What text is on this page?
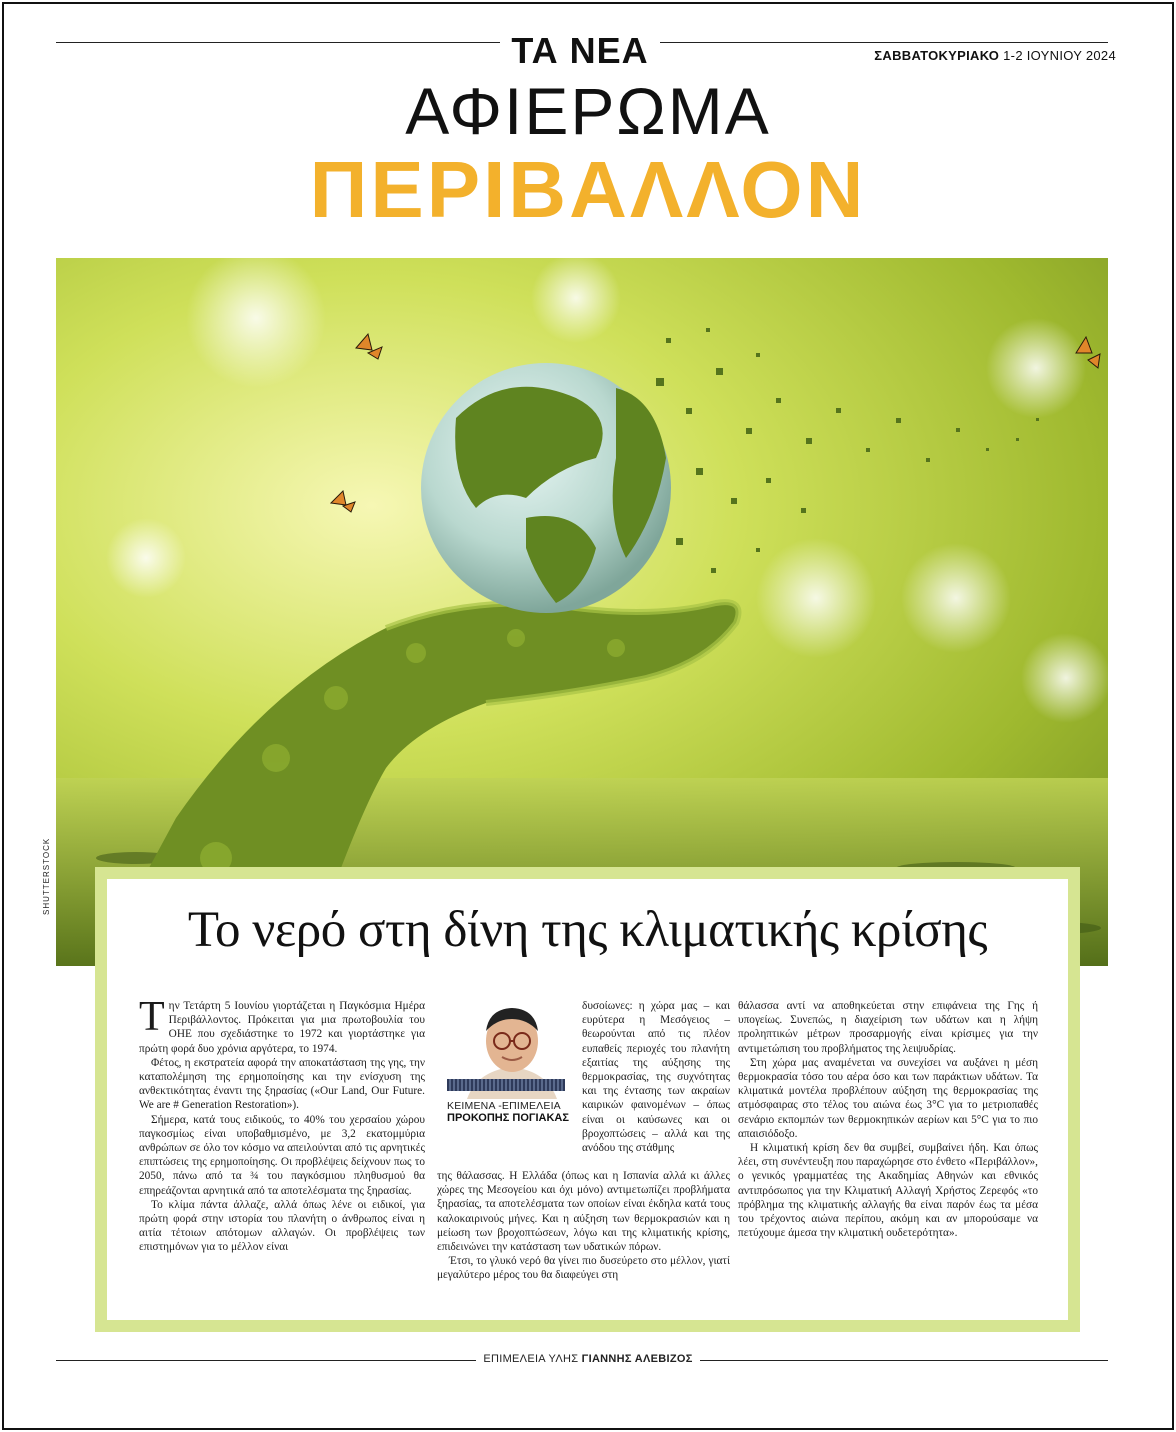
ΤΑ ΝΕΑ	ΣΑΒΒΑΤΟΚΥΡΙΑΚΟ 1-2 ΙΟΥΝΙΟΥ 2024
ΑΦΙΕΡΩΜΑ
ΠΕΡΙΒΑΛΛΟΝ
SHUTTERSTOCK
Το νερό στη δίνη της κλιματικής κρίσης

Την Τετάρτη 5 Ιουνίου γιορτάζεται η Παγκόσμια Ημέρα Περιβάλλοντος. Πρόκειται για μια πρωτοβουλία του ΟΗΕ που σχεδιάστηκε το 1972 και γιορτάστηκε για πρώτη φορά δυο χρόνια αργότερα, το 1974.

Φέτος, η εκστρατεία αφορά την αποκατάσταση της γης, την καταπολέμηση της ερημοποίησης και την ενίσχυση της ανθεκτικότητας έναντι της ξηρασίας («Our Land, Our Future. We are # Generation Restoration»).

Σήμερα, κατά τους ειδικούς, το 40% του χερσαίου χώρου παγκοσμίως είναι υποβαθμισμένο, με 3,2 εκατομμύρια ανθρώπων σε όλο τον κόσμο να απειλούνται από τις αρνητικές επιπτώσεις της ερημοποίησης. Οι προβλέψεις δείχνουν πως το 2050, πάνω από τα ¾ του παγκόσμιου πληθυσμού θα επηρεάζονται αρνητικά από τα αποτελέσματα της ξηρασίας.

Το κλίμα πάντα άλλαζε, αλλά όπως λένε οι ειδικοί, για πρώτη φορά στην ιστορία του πλανήτη ο άνθρωπος είναι η αιτία τέτοιων απότομων αλλαγών. Οι προβλέψεις των επιστημόνων για το μέλλον είναι

ΚΕΙΜΕΝΑ -ΕΠΙΜΕΛΕΙΑ
ΠΡΟΚΟΠΗΣ ΠΟΓΙΑΚΑΣ

δυσοίωνες: η χώρα μας – και ευρύτερα η Μεσόγειος – θεωρούνται από τις πλέον ευπαθείς περιοχές του πλανήτη εξαιτίας της αύξησης της θερμοκρασίας, της συχνότητας και της έντασης των ακραίων καιρικών φαινομένων – όπως είναι οι καύσωνες και οι βροχοπτώσεις – αλλά και της ανόδου της στάθμης

της θάλασσας. Η Ελλάδα (όπως και η Ισπανία αλλά κι άλλες χώρες της Μεσογείου και όχι μόνο) αντιμετωπίζει προβλήματα ξηρασίας, τα αποτελέσματα των οποίων είναι έκδηλα κατά τους καλοκαιρινούς μήνες. Και η αύξηση των θερμοκρασιών και η μείωση των βροχοπτώσεων, λόγω και της κλιματικής κρίσης, επιδεινώνει την κατάσταση των υδατικών πόρων.

Έτσι, το γλυκό νερό θα γίνει πιο δυσεύρετο στο μέλλον, γιατί μεγαλύτερο μέρος του θα διαφεύγει στη

θάλασσα αντί να αποθηκεύεται στην επιφάνεια της Γης ή υπογείως. Συνεπώς, η διαχείριση των υδάτων και η λήψη προληπτικών μέτρων προσαρμογής είναι κρίσιμες για την αντιμετώπιση του προβλήματος της λειψυδρίας.

Στη χώρα μας αναμένεται να συνεχίσει να αυξάνει η μέση θερμοκρασία τόσο του αέρα όσο και των παράκτιων υδάτων. Τα κλιματικά μοντέλα προβλέπουν αύξηση της θερμοκρασίας της ατμόσφαιρας στο τέλος του αιώνα έως 3°C για το μετριοπαθές σενάριο εκπομπών των θερμοκηπικών αερίων και 5°C για το πιο απαισιόδοξο.

Η κλιματική κρίση δεν θα συμβεί, συμβαίνει ήδη. Και όπως λέει, στη συνέντευξη που παραχώρησε στο ένθετο «Περιβάλλον», ο γενικός γραμματέας της Ακαδημίας Αθηνών και εθνικός αντιπρόσωπος για την Κλιματική Αλλαγή Χρήστος Ζερεφός «το πρόβλημα της κλιματικής αλλαγής θα είναι παρόν έως τα μέσα του τρέχοντος αιώνα περίπου, ακόμη και αν μπορούσαμε να πετύχουμε άμεσα την κλιματική ουδετερότητα».

ΕΠΙΜΕΛΕΙΑ ΥΛΗΣ ΓΙΑΝΝΗΣ ΑΛΕΒΙΖΟΣ
